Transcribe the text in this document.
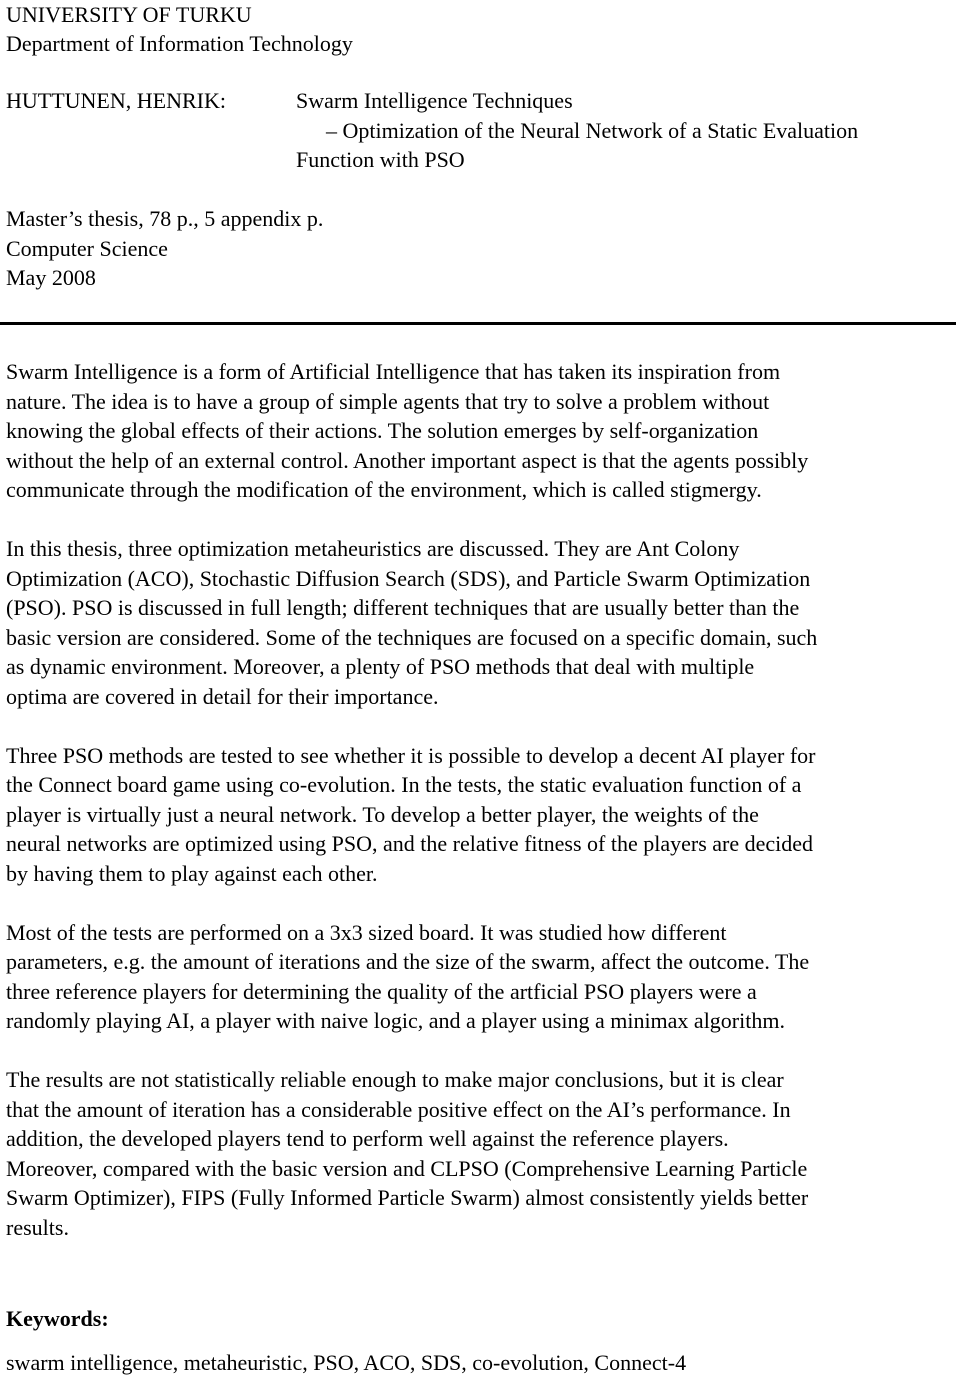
UNIVERSITY OF TURKU
Department of Information Technology
HUTTUNEN, HENRIK:	Swarm Intelligence Techniques
– Optimization of the Neural Network of a Static Evaluation
Function with PSO
Master’s thesis, 78 p., 5 appendix p.
Computer Science
May 2008

Swarm Intelligence is a form of Artificial Intelligence that has taken its inspiration from
nature. The idea is to have a group of simple agents that try to solve a problem without
knowing the global effects of their actions. The solution emerges by self-organization
without the help of an external control. Another important aspect is that the agents possibly
communicate through the modification of the environment, which is called stigmergy.

In this thesis, three optimization metaheuristics are discussed. They are Ant Colony
Optimization (ACO), Stochastic Diffusion Search (SDS), and Particle Swarm Optimization
(PSO). PSO is discussed in full length; different techniques that are usually better than the
basic version are considered. Some of the techniques are focused on a specific domain, such
as dynamic environment. Moreover, a plenty of PSO methods that deal with multiple
optima are covered in detail for their importance.

Three PSO methods are tested to see whether it is possible to develop a decent AI player for
the Connect board game using co-evolution. In the tests, the static evaluation function of a
player is virtually just a neural network. To develop a better player, the weights of the
neural networks are optimized using PSO, and the relative fitness of the players are decided
by having them to play against each other.

Most of the tests are performed on a 3x3 sized board. It was studied how different
parameters, e.g. the amount of iterations and the size of the swarm, affect the outcome. The
three reference players for determining the quality of the artficial PSO players were a
randomly playing AI, a player with naive logic, and a player using a minimax algorithm.

The results are not statistically reliable enough to make major conclusions, but it is clear
that the amount of iteration has a considerable positive effect on the AI’s performance. In
addition, the developed players tend to perform well against the reference players.
Moreover, compared with the basic version and CLPSO (Comprehensive Learning Particle
Swarm Optimizer), FIPS (Fully Informed Particle Swarm) almost consistently yields better
results.

Keywords:
swarm intelligence, metaheuristic, PSO, ACO, SDS, co-evolution, Connect-4
